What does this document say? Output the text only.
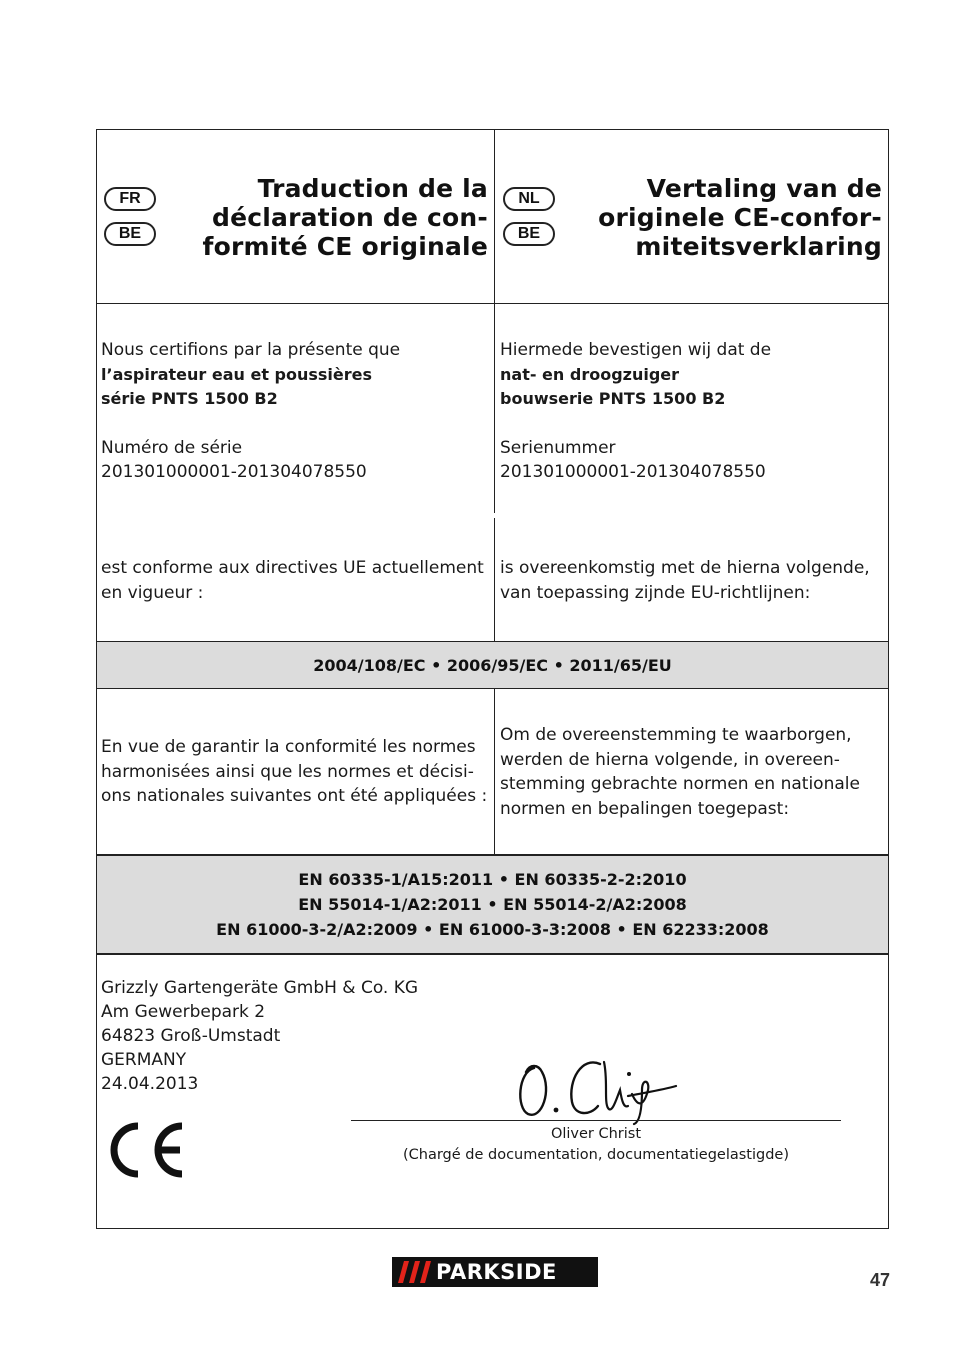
FR
BE
Traduction de la
déclaration de con-
formité CE originale
NL
BE
Vertaling van de
originele CE-confor-
miteitsverklaring
Nous certifions par la présente que
l’aspirateur eau et poussières
série PNTS 1500 B2
Numéro de série
201301000001-201304078550
Hiermede bevestigen wij dat de
nat- en droogzuiger
bouwserie PNTS 1500 B2
Serienummer
201301000001-201304078550
est conforme aux directives UE actuellement
en vigueur :
is overeenkomstig met de hierna volgende,
van toepassing zijnde EU-richtlijnen:
2004/108/EC • 2006/95/EC • 2011/65/EU
En vue de garantir la conformité les normes
harmonisées ainsi que les normes et décisi-
ons nationales suivantes ont été appliquées :
Om de overeenstemming te waarborgen,
werden de hierna volgende, in overeen-
stemming gebrachte normen en nationale
normen en bepalingen toegepast:
EN 60335-1/A15:2011 • EN 60335-2-2:2010
EN 55014-1/A2:2011 • EN 55014-2/A2:2008
EN 61000-3-2/A2:2009 • EN 61000-3-3:2008 • EN 62233:2008
Grizzly Gartengeräte GmbH & Co. KG
Am Gewerbepark 2
64823 Groß-Umstadt
GERMANY
24.04.2013
Oliver Christ
(Chargé de documentation, documentatiegelastigde)
PARKSIDE	47
